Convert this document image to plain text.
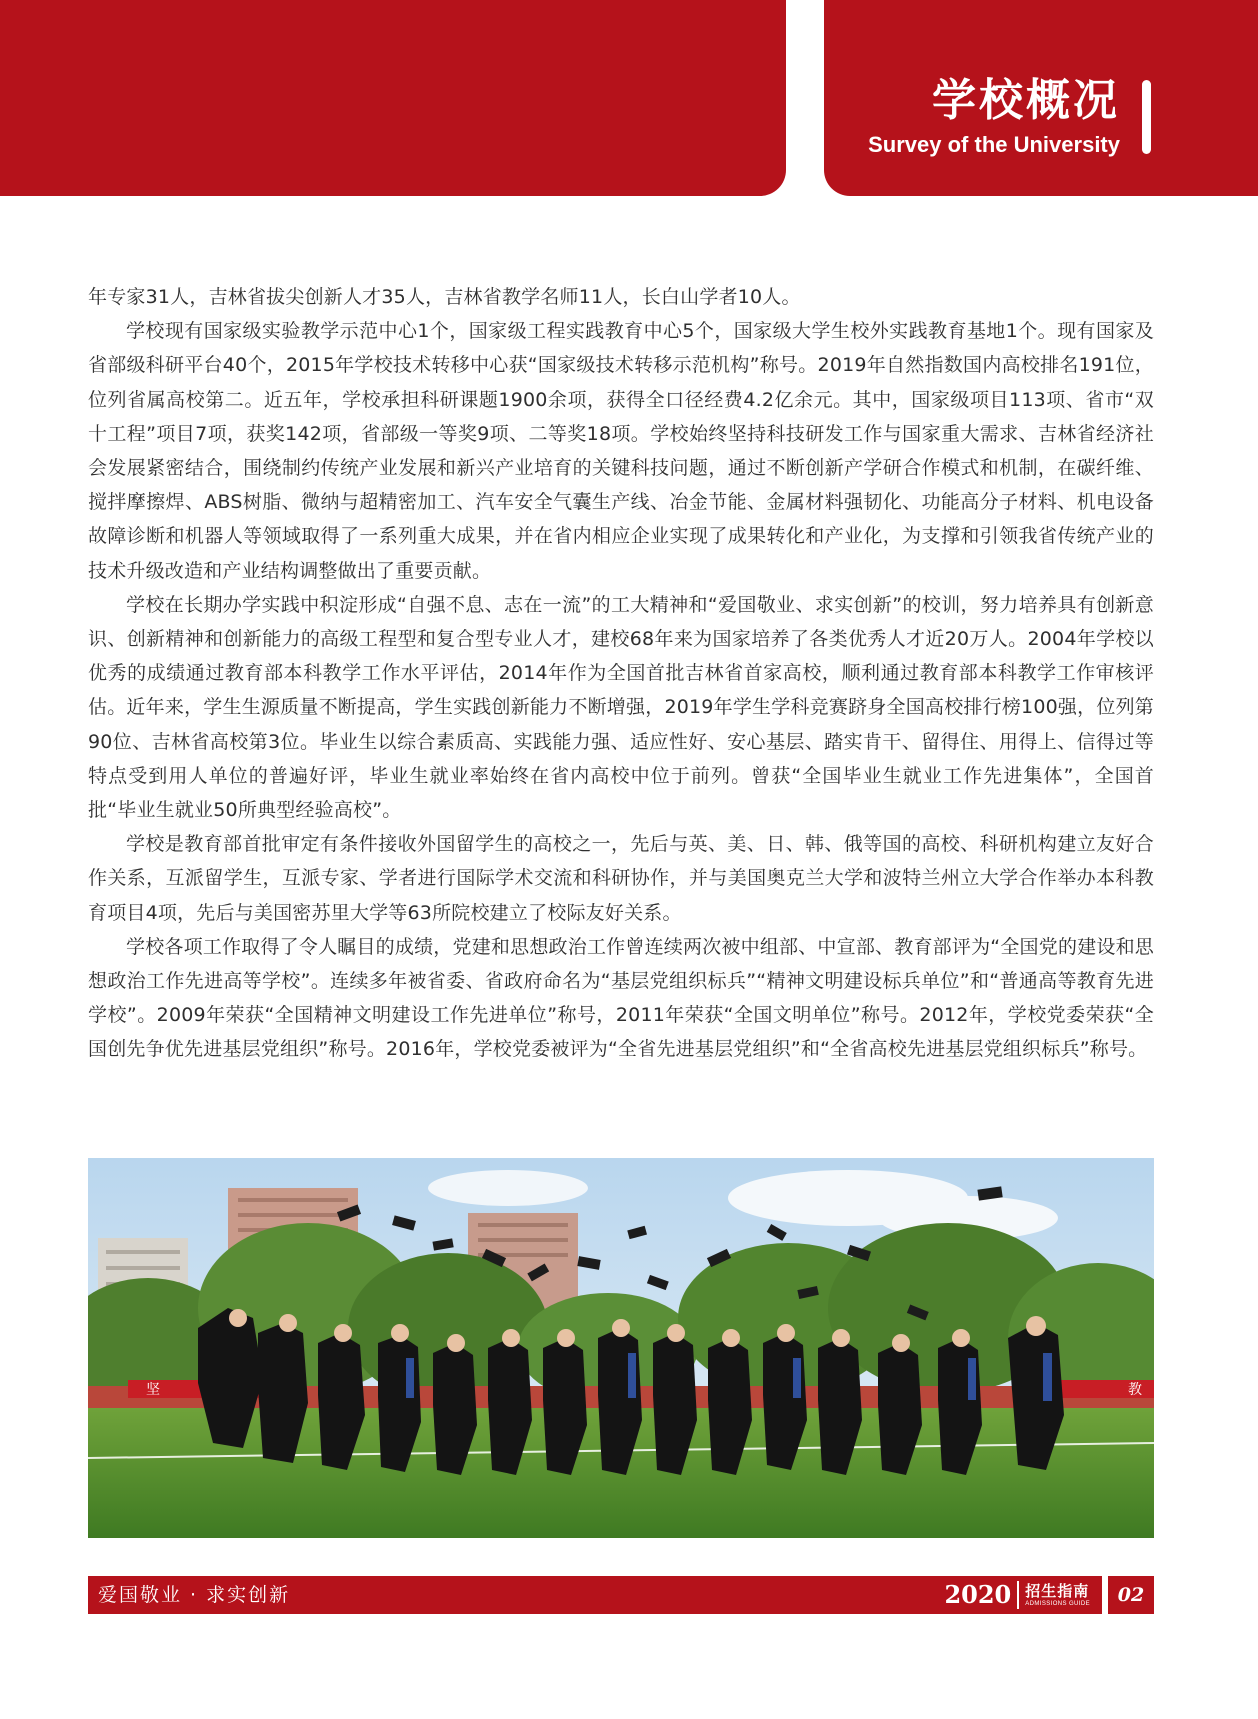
学校概况
Survey of the University

年专家31人，吉林省拔尖创新人才35人，吉林省教学名师11人，长白山学者10人。

学校现有国家级实验教学示范中心1个，国家级工程实践教育中心5个，国家级大学生校外实践教育基地1个。现有国家及省部级科研平台40个，2015年学校技术转移中心获“国家级技术转移示范机构”称号。2019年自然指数国内高校排名191位，位列省属高校第二。近五年，学校承担科研课题1900余项，获得全口径经费4.2亿余元。其中，国家级项目113项、省市“双十工程”项目7项，获奖142项，省部级一等奖9项、二等奖18项。学校始终坚持科技研发工作与国家重大需求、吉林省经济社会发展紧密结合，围绕制约传统产业发展和新兴产业培育的关键科技问题，通过不断创新产学研合作模式和机制，在碳纤维、搅拌摩擦焊、ABS树脂、微纳与超精密加工、汽车安全气囊生产线、冶金节能、金属材料强韧化、功能高分子材料、机电设备故障诊断和机器人等领域取得了一系列重大成果，并在省内相应企业实现了成果转化和产业化，为支撑和引领我省传统产业的技术升级改造和产业结构调整做出了重要贡献。

学校在长期办学实践中积淀形成“自强不息、志在一流”的工大精神和“爱国敬业、求实创新”的校训，努力培养具有创新意识、创新精神和创新能力的高级工程型和复合型专业人才，建校68年来为国家培养了各类优秀人才近20万人。2004年学校以优秀的成绩通过教育部本科教学工作水平评估，2014年作为全国首批吉林省首家高校，顺利通过教育部本科教学工作审核评估。近年来，学生生源质量不断提高，学生实践创新能力不断增强，2019年学生学科竞赛跻身全国高校排行榜100强，位列第90位、吉林省高校第3位。毕业生以综合素质高、实践能力强、适应性好、安心基层、踏实肯干、留得住、用得上、信得过等特点受到用人单位的普遍好评，毕业生就业率始终在省内高校中位于前列。曾获“全国毕业生就业工作先进集体”，全国首批“毕业生就业50所典型经验高校”。

学校是教育部首批审定有条件接收外国留学生的高校之一，先后与英、美、日、韩、俄等国的高校、科研机构建立友好合作关系，互派留学生，互派专家、学者进行国际学术交流和科研协作，并与美国奥克兰大学和波特兰州立大学合作举办本科教育项目4项，先后与美国密苏里大学等63所院校建立了校际友好关系。

学校各项工作取得了令人瞩目的成绩，党建和思想政治工作曾连续两次被中组部、中宣部、教育部评为“全国党的建设和思想政治工作先进高等学校”。连续多年被省委、省政府命名为“基层党组织标兵”“精神文明建设标兵单位”和“普通高等教育先进学校”。2009年荣获“全国精神文明建设工作先进单位”称号，2011年荣获“全国文明单位”称号。2012年，学校党委荣获“全国创先争优先进基层党组织”称号。2016年，学校党委被评为“全省先进基层党组织”和“全省高校先进基层党组织标兵”称号。

坚	教
爱国敬业 · 求实创新	2020 招生指南
ADMISSIONS GUIDE	02
